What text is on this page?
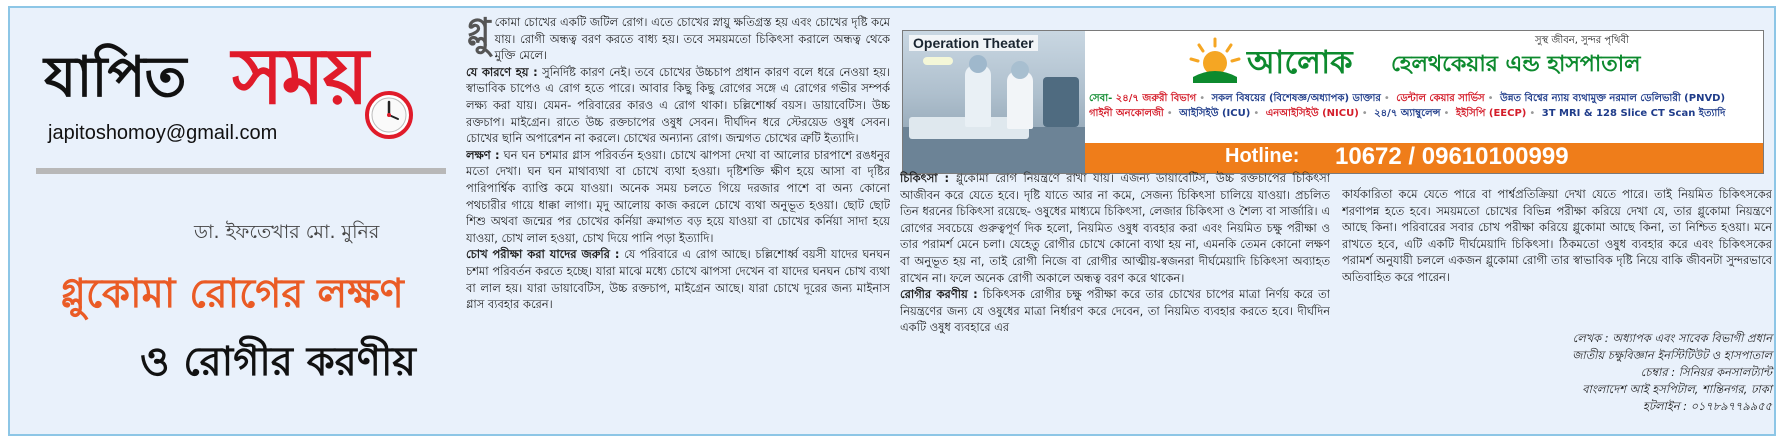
যাপিত সময়
japitoshomoy@gmail.com
ডা. ইফতেখার মো. মুনির
গ্লুকোমা রোগের লক্ষণ
ও রোগীর করণীয়
গ্লু কোমা চোখের একটি জটিল রোগ। এতে চোখের স্নায়ু ক্ষতিগ্রস্ত হয় এবং চোখের দৃষ্টি কমে যায়। রোগী অন্ধত্ব বরণ করতে বাধ্য হয়। তবে সময়মতো চিকিৎসা করালে অন্ধত্ব থেকে মুক্তি মেলে।

যে কারণে হয় : সুনির্দিষ্ট কারণ নেই। তবে চোখের উচ্চচাপ প্রধান কারণ বলে ধরে নেওয়া হয়। স্বাভাবিক চাপেও এ রোগ হতে পারে। আবার কিছু কিছু রোগের সঙ্গে এ রোগের গভীর সম্পর্ক লক্ষ্য করা যায়। যেমন- পরিবারের কারও এ রোগ থাকা। চল্লিশোর্ধ্ব বয়স। ডায়াবেটিস। উচ্চ রক্তচাপ। মাইগ্রেন। রাতে উচ্চ রক্তচাপের ওষুধ সেবন। দীর্ঘদিন ধরে স্টেরয়েড ওষুধ সেবন। চোখের ছানি অপারেশন না করলে। চোখের অন্যান্য রোগ। জন্মগত চোখের ত্রুটি ইত্যাদি।

লক্ষণ : ঘন ঘন চশমার গ্লাস পরিবর্তন হওয়া। চোখে ঝাপসা দেখা বা আলোর চারপাশে রঙধনুর মতো দেখা। ঘন ঘন মাথাব্যথা বা চোখে ব্যথা হওয়া। দৃষ্টিশক্তি ক্ষীণ হয়ে আসা বা দৃষ্টির পারিপার্শ্বিক ব্যাপ্তি কমে যাওয়া। অনেক সময় চলতে গিয়ে দরজার পাশে বা অন্য কোনো পথচারীর গায়ে ধাক্কা লাগা। মৃদু আলোয় কাজ করলে চোখে ব্যথা অনুভূত হওয়া। ছোট ছোট শিশু অথবা জন্মের পর চোখের কর্নিয়া ক্রমাগত বড় হয়ে যাওয়া বা চোখের কর্নিয়া সাদা হয়ে যাওয়া, চোখ লাল হওয়া, চোখ দিয়ে পানি পড়া ইত্যাদি।

চোখ পরীক্ষা করা যাদের জরুরি : যে পরিবারে এ রোগ আছে। চল্লিশোর্ধ্ব বয়সী যাদের ঘনঘন চশমা পরিবর্তন করতে হচ্ছে। যারা মাঝে মধ্যে চোখে ঝাপসা দেখেন বা যাদের ঘনঘন চোখ ব্যথা বা লাল হয়। যারা ডায়াবেটিস, উচ্চ রক্তচাপ, মাইগ্রেন আছে। যারা চোখে দূরের জন্য মাইনাস গ্লাস ব্যবহার করেন।

Operation Theater	আলোক হেলথকেয়ার এন্ড হাসপাতাল
সুস্থ জীবন, সুন্দর পৃথিবী
সেবা- ২৪/৭ জরুরী বিভাগ • সকল বিষয়ের (বিশেষজ্ঞ/অধ্যাপক) ডাক্তার • ডেন্টাল কেয়ার সার্ভিস • উন্নত বিশ্বের ন্যায় ব্যথামুক্ত নরমাল ডেলিভারী (PNVD)
গাইনী অনকোলজী • আইসিইউ (ICU) • এনআইসিইউ (NICU) • ২৪/৭ অ্যাম্বুলেন্স • ইইসিপি (EECP) • 3T MRI & 128 Slice CT Scan ইত্যাদি
Hotline: 10672 / 09610100999

চিকিৎসা : গ্লুকোমা রোগ নিয়ন্ত্রণে রাখা যায়। এজন্য ডায়াবেটিস, উচ্চ রক্তচাপের চিকিৎসা আজীবন করে যেতে হবে। দৃষ্টি যাতে আর না কমে, সেজন্য চিকিৎসা চালিয়ে যাওয়া। প্রচলিত তিন ধরনের চিকিৎসা রয়েছে- ওষুধের মাধ্যমে চিকিৎসা, লেজার চিকিৎসা ও শৈল্য বা সার্জারি। এ রোগের সবচেয়ে গুরুত্বপূর্ণ দিক হলো, নিয়মিত ওষুধ ব্যবহার করা এবং নিয়মিত চক্ষু পরীক্ষা ও তার পরামর্শ মেনে চলা। যেহেতু রোগীর চোখে কোনো ব্যথা হয় না, এমনকি তেমন কোনো লক্ষণ বা অনুভূত হয় না, তাই রোগী নিজে বা রোগীর আত্মীয়-স্বজনরা দীর্ঘমেয়াদি চিকিৎসা অব্যাহত রাখেন না। ফলে অনেক রোগী অকালে অন্ধত্ব বরণ করে থাকেন।

রোগীর করণীয় : চিকিৎসক রোগীর চক্ষু পরীক্ষা করে তার চোখের চাপের মাত্রা নির্ণয় করে তা নিয়ন্ত্রণের জন্য যে ওষুধের মাত্রা নির্ধারণ করে দেবেন, তা নিয়মিত ব্যবহার করতে হবে। দীর্ঘদিন একটি ওষুধ ব্যবহারে এর

কার্যকারিতা কমে যেতে পারে বা পার্শ্বপ্রতিক্রিয়া দেখা যেতে পারে। তাই নিয়মিত চিকিৎসকের শরণাপন্ন হতে হবে। সময়মতো চোখের বিভিন্ন পরীক্ষা করিয়ে দেখা যে, তার গ্লুকোমা নিয়ন্ত্রণে আছে কিনা। পরিবারের সবার চোখ পরীক্ষা করিয়ে গ্লুকোমা আছে কিনা, তা নিশ্চিত হওয়া। মনে রাখতে হবে, এটি একটি দীর্ঘমেয়াদি চিকিৎসা। ঠিকমতো ওষুধ ব্যবহার করে এবং চিকিৎসকের পরামর্শ অনুযায়ী চললে একজন গ্লুকোমা রোগী তার স্বাভাবিক দৃষ্টি নিয়ে বাকি জীবনটা সুন্দরভাবে অতিবাহিত করে পারেন।

লেখক : অধ্যাপক এবং সাবেক বিভাগী প্রধান
জাতীয় চক্ষুবিজ্ঞান ইনস্টিটিউট ও হাসপাতাল
চেম্বার : সিনিয়র কনসালট্যান্ট
বাংলাদেশ আই হসপিটাল, শান্তিনগর, ঢাকা
হটলাইন : ০১৭৮৯৭৭৯৯৫৫
